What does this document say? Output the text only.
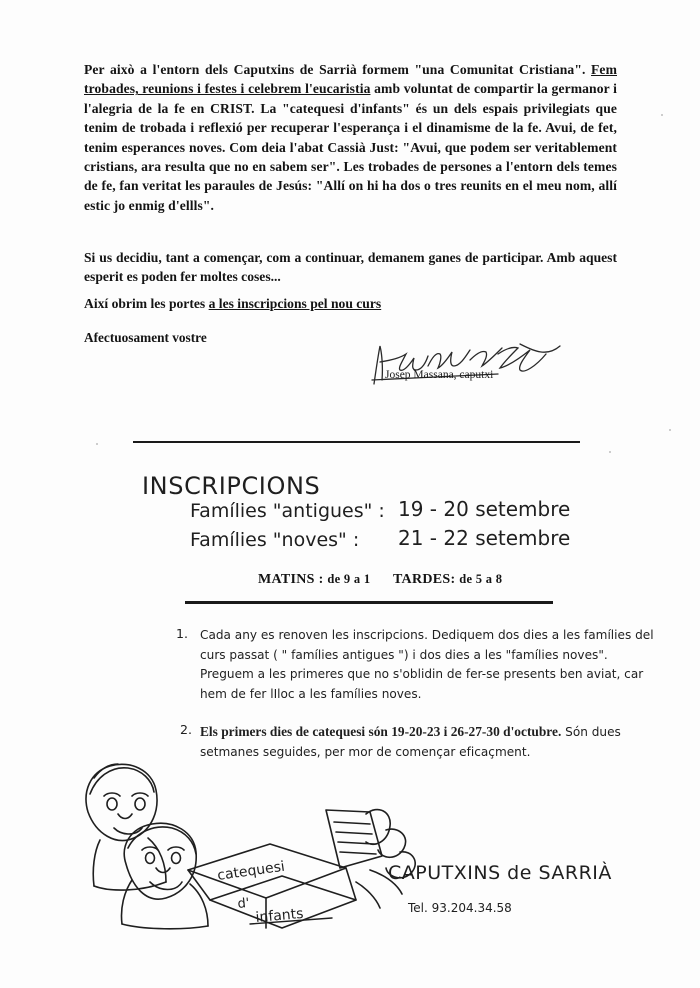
Per això a l'entorn dels Caputxins de Sarrià formem "una Comunitat Cristiana". Fem trobades, reunions i festes i celebrem l'eucaristia amb voluntat de compartir la germanor i l'alegria de la fe en CRIST. La "catequesi d'infants" és un dels espais privilegiats que tenim de trobada i reflexió per recuperar l'esperança i el dinamisme de la fe. Avui, de fet, tenim esperances noves. Com deia l'abat Cassià Just: "Avui, que podem ser veritablement cristians, ara resulta que no en sabem ser". Les trobades de persones a l'entorn dels temes de fe, fan veritat les paraules de Jesús: "Allí on hi ha dos o tres reunits en el meu nom, allí estic jo enmig d'ellls".
Si us decidiu, tant a començar, com a continuar, demanem ganes de participar. Amb aquest esperit es poden fer moltes coses...
Així obrim les portes a les inscripcions pel nou curs
Afectuosament vostre
Josep Massana, caputxi
INSCRIPCIONS
Famílies "antigues" : 19 - 20 setembre
Famílies "noves" : 21 - 22 setembre
MATINS : de 9 a 1 TARDES: de 5 a 8
1. Cada any es renoven les inscripcions. Dediquem dos dies a les famílies del curs passat ( " famílies antigues ") i dos dies a les "famílies noves". Preguem a les primeres que no s'oblidin de fer-se presents ben aviat, car hem de fer lIloc a les famílies noves.
2. Els primers dies de catequesi són 19-20-23 i 26-27-30 d'octubre. Són dues setmanes seguides, per mor de començar eficaçment.
catequesi
d'
infants
CAPUTXINS de SARRIÀ
Tel. 93.204.34.58
